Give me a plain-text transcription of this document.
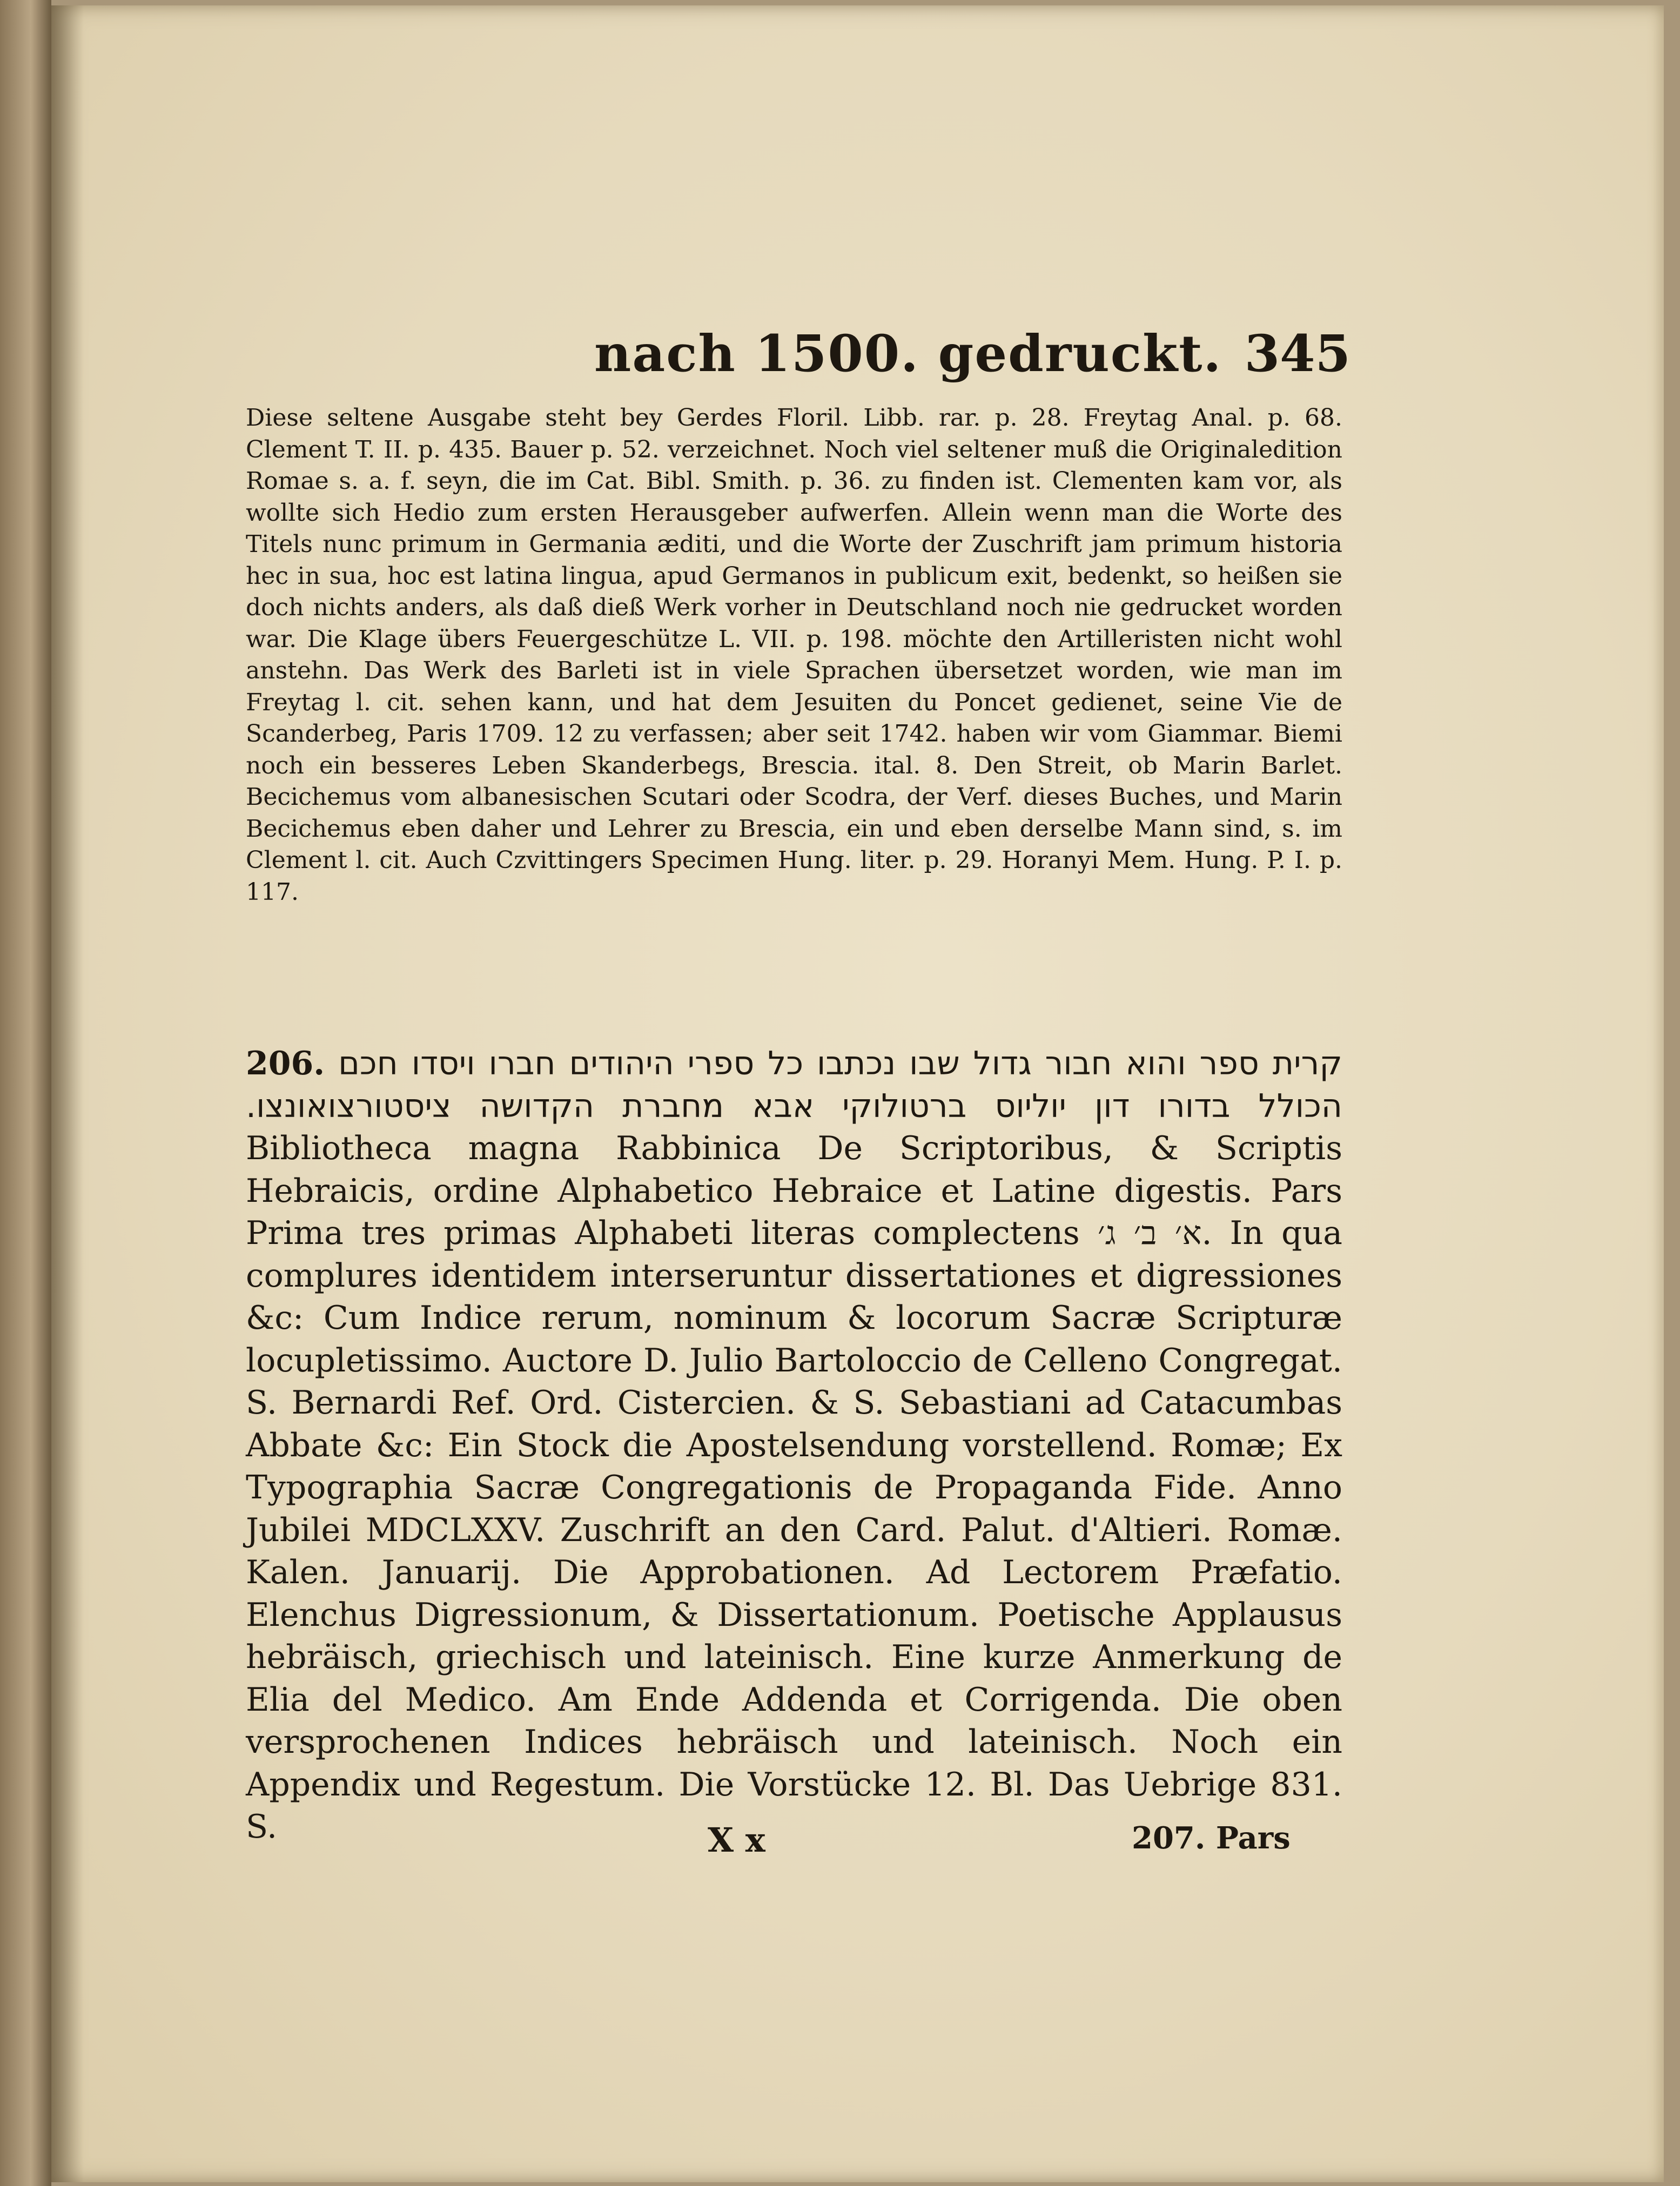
nach 1500. gedruckt. 345

Diese seltene Ausgabe steht bey Gerdes Floril. Libb. rar. p. 28. Freytag Anal. p. 68. Clement T. II. p. 435. Bauer p. 52. verzeichnet. Noch viel seltener muß die Originaledition Romae s. a. f. seyn, die im Cat. Bibl. Smith. p. 36. zu finden ist. Clementen kam vor, als wollte sich Hedio zum ersten Herausgeber aufwerfen. Allein wenn man die Worte des Titels nunc primum in Germania æditi, und die Worte der Zuschrift jam primum historia hec in sua, hoc est latina lingua, apud Germanos in publicum exit, bedenkt, so heißen sie doch nichts anders, als daß dieß Werk vorher in Deutschland noch nie gedrucket worden war. Die Klage übers Feuergeschütze L. VII. p. 198. möchte den Artilleristen nicht wohl anstehn. Das Werk des Barleti ist in viele Sprachen übersetzet worden, wie man im Freytag l. cit. sehen kann, und hat dem Jesuiten du Poncet gedienet, seine Vie de Scanderbeg, Paris 1709. 12 zu verfassen; aber seit 1742. haben wir vom Giammar. Biemi noch ein besseres Leben Skanderbegs, Brescia. ital. 8. Den Streit, ob Marin Barlet. Becichemus vom albanesischen Scutari oder Scodra, der Verf. dieses Buches, und Marin Becichemus eben daher und Lehrer zu Brescia, ein und eben derselbe Mann sind, s. im Clement l. cit. Auch Czvittingers Specimen Hung. liter. p. 29. Horanyi Mem. Hung. P. I. p. 117.

206. קרית ספר והוא חבור גדול שבו נכתבו כל ספרי היהודים חברו ויסדו חכם הכולל בדורו דון יוליוס ברטולוקי אבא מחברת הקדושה ציסטורצואונצו. Bibliotheca magna Rabbinica De Scriptoribus, & Scriptis Hebraicis, ordine Alphabetico Hebraice et Latine digestis. Pars Prima tres primas Alphabeti literas complectens א׳ ב׳ ג׳. In qua complures identidem interseruntur dissertationes et digressiones &c: Cum Indice rerum, nominum & locorum Sacræ Scripturæ locupletissimo. Auctore D. Julio Bartoloccio de Celleno Congregat. S. Bernardi Ref. Ord. Cistercien. & S. Sebastiani ad Catacumbas Abbate &c: Ein Stock die Apostelsendung vorstellend. Romæ; Ex Typographia Sacræ Congregationis de Propaganda Fide. Anno Jubilei MDCLXXV. Zuschrift an den Card. Palut. d'Altieri. Romæ. Kalen. Januarij. Die Approbationen. Ad Lectorem Præfatio. Elenchus Digressionum, & Dissertationum. Poetische Applausus hebräisch, griechisch und lateinisch. Eine kurze Anmerkung de Elia del Medico. Am Ende Addenda et Corrigenda. Die oben versprochenen Indices hebräisch und lateinisch. Noch ein Appendix und Regestum. Die Vorstücke 12. Bl. Das Uebrige 831. S.	X x	207. Pars
